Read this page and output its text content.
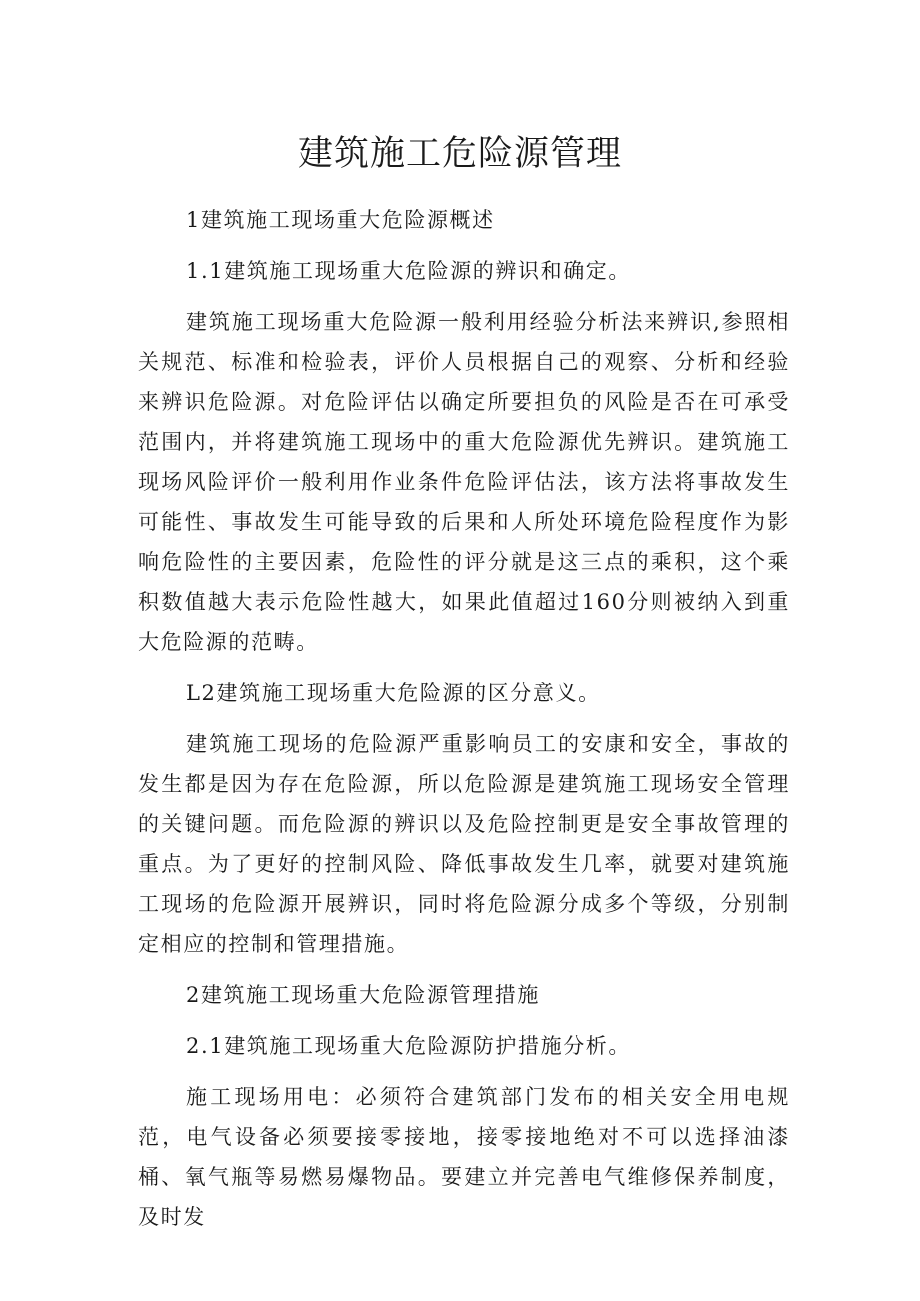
建筑施工危险源管理

1建筑施工现场重大危险源概述

1.1建筑施工现场重大危险源的辨识和确定。

建筑施工现场重大危险源一般利用经验分析法来辨识,参照相关规范、标准和检验表，评价人员根据自己的观察、分析和经验来辨识危险源。对危险评估以确定所要担负的风险是否在可承受范围内，并将建筑施工现场中的重大危险源优先辨识。建筑施工现场风险评价一般利用作业条件危险评估法，该方法将事故发生可能性、事故发生可能导致的后果和人所处环境危险程度作为影响危险性的主要因素，危险性的评分就是这三点的乘积，这个乘积数值越大表示危险性越大，如果此值超过160分则被纳入到重大危险源的范畴。

L2建筑施工现场重大危险源的区分意义。

建筑施工现场的危险源严重影响员工的安康和安全，事故的发生都是因为存在危险源，所以危险源是建筑施工现场安全管理的关键问题。而危险源的辨识以及危险控制更是安全事故管理的重点。为了更好的控制风险、降低事故发生几率，就要对建筑施工现场的危险源开展辨识，同时将危险源分成多个等级，分别制定相应的控制和管理措施。

2建筑施工现场重大危险源管理措施

2.1建筑施工现场重大危险源防护措施分析。

施工现场用电：必须符合建筑部门发布的相关安全用电规范，电气设备必须要接零接地，接零接地绝对不可以选择油漆桶、氧气瓶等易燃易爆物品。要建立并完善电气维修保养制度，及时发
